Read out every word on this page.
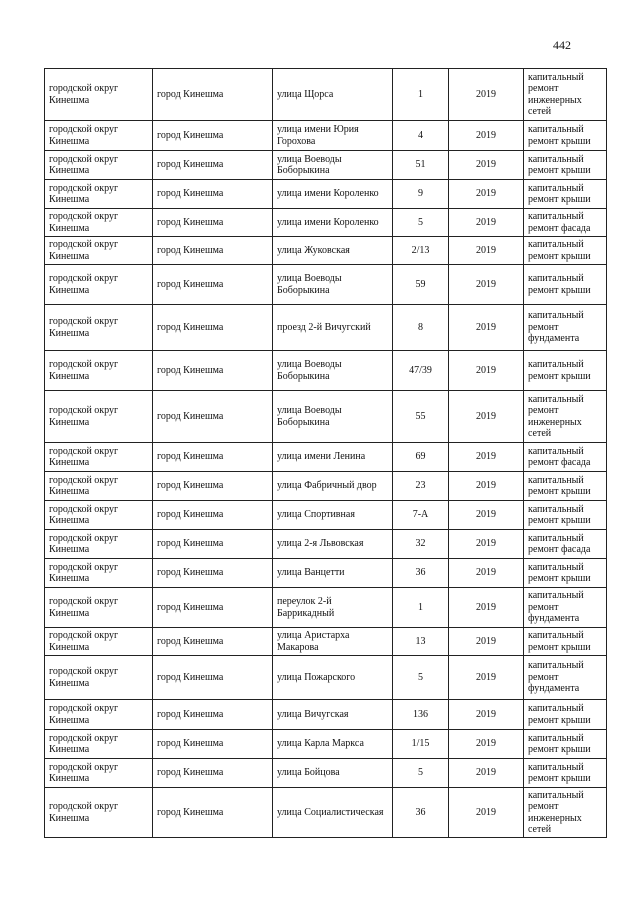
442
городской округ Кинешма	город Кинешма	улица Щорса	1	2019	капитальный ремонт инженерных сетей
городской округ Кинешма	город Кинешма	улица имени Юрия Горохова	4	2019	капитальный ремонт крыши
городской округ Кинешма	город Кинешма	улица Воеводы Боборыкина	51	2019	капитальный ремонт крыши
городской округ Кинешма	город Кинешма	улица имени Короленко	9	2019	капитальный ремонт крыши
городской округ Кинешма	город Кинешма	улица имени Короленко	5	2019	капитальный ремонт фасада
городской округ Кинешма	город Кинешма	улица Жуковская	2/13	2019	капитальный ремонт крыши
городской округ Кинешма	город Кинешма	улица Воеводы Боборыкина	59	2019	капитальный ремонт крыши
городской округ Кинешма	город Кинешма	проезд 2-й Вичугский	8	2019	капитальный ремонт фундамента
городской округ Кинешма	город Кинешма	улица Воеводы Боборыкина	47/39	2019	капитальный ремонт крыши
городской округ Кинешма	город Кинешма	улица Воеводы Боборыкина	55	2019	капитальный ремонт инженерных сетей
городской округ Кинешма	город Кинешма	улица имени Ленина	69	2019	капитальный ремонт фасада
городской округ Кинешма	город Кинешма	улица Фабричный двор	23	2019	капитальный ремонт крыши
городской округ Кинешма	город Кинешма	улица Спортивная	7-А	2019	капитальный ремонт крыши
городской округ Кинешма	город Кинешма	улица 2-я Львовская	32	2019	капитальный ремонт фасада
городской округ Кинешма	город Кинешма	улица Ванцетти	36	2019	капитальный ремонт крыши
городской округ Кинешма	город Кинешма	переулок 2-й Баррикадный	1	2019	капитальный ремонт фундамента
городской округ Кинешма	город Кинешма	улица Аристарха Макарова	13	2019	капитальный ремонт крыши
городской округ Кинешма	город Кинешма	улица Пожарского	5	2019	капитальный ремонт фундамента
городской округ Кинешма	город Кинешма	улица Вичугская	136	2019	капитальный ремонт крыши
городской округ Кинешма	город Кинешма	улица Карла Маркса	1/15	2019	капитальный ремонт крыши
городской округ Кинешма	город Кинешма	улица Бойцова	5	2019	капитальный ремонт крыши
городской округ Кинешма	город Кинешма	улица Социалистическая	36	2019	капитальный ремонт инженерных сетей
